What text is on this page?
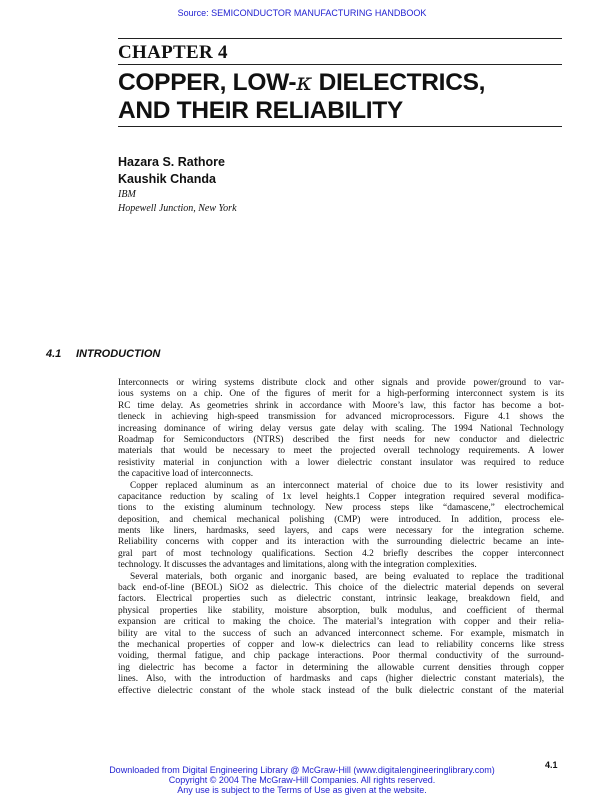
Source: SEMICONDUCTOR MANUFACTURING HANDBOOK
CHAPTER 4
COPPER, LOW-κ DIELECTRICS,
AND THEIR RELIABILITY
Hazara S. Rathore
Kaushik Chanda
IBM
Hopewell Junction, New York
4.1 INTRODUCTION
Interconnects or wiring systems distribute clock and other signals and provide power/ground to var-
ious systems on a chip. One of the figures of merit for a high-performing interconnect system is its
RC time delay. As geometries shrink in accordance with Moore’s law, this factor has become a bot-
tleneck in achieving high-speed transmission for advanced microprocessors. Figure 4.1 shows the
increasing dominance of wiring delay versus gate delay with scaling. The 1994 National Technology
Roadmap for Semiconductors (NTRS) described the first needs for new conductor and dielectric
materials that would be necessary to meet the projected overall technology requirements. A lower
resistivity material in conjunction with a lower dielectric constant insulator was required to reduce
the capacitive load of interconnects.
Copper replaced aluminum as an interconnect material of choice due to its lower resistivity and
capacitance reduction by scaling of 1x level heights.1 Copper integration required several modifica-
tions to the existing aluminum technology. New process steps like “damascene,” electrochemical
deposition, and chemical mechanical polishing (CMP) were introduced. In addition, process ele-
ments like liners, hardmasks, seed layers, and caps were necessary for the integration scheme.
Reliability concerns with copper and its interaction with the surrounding dielectric became an inte-
gral part of most technology qualifications. Section 4.2 briefly describes the copper interconnect
technology. It discusses the advantages and limitations, along with the integration complexities.
Several materials, both organic and inorganic based, are being evaluated to replace the traditional
back end-of-line (BEOL) SiO2 as dielectric. This choice of the dielectric material depends on several
factors. Electrical properties such as dielectric constant, intrinsic leakage, breakdown field, and
physical properties like stability, moisture absorption, bulk modulus, and coefficient of thermal
expansion are critical to making the choice. The material’s integration with copper and their relia-
bility are vital to the success of such an advanced interconnect scheme. For example, mismatch in
the mechanical properties of copper and low-κ dielectrics can lead to reliability concerns like stress
voiding, thermal fatigue, and chip package interactions. Poor thermal conductivity of the surround-
ing dielectric has become a factor in determining the allowable current densities through copper
lines. Also, with the introduction of hardmasks and caps (higher dielectric constant materials), the
effective dielectric constant of the whole stack instead of the bulk dielectric constant of the material
4.1
Downloaded from Digital Engineering Library @ McGraw-Hill (www.digitalengineeringlibrary.com)
Copyright © 2004 The McGraw-Hill Companies. All rights reserved.
Any use is subject to the Terms of Use as given at the website.
